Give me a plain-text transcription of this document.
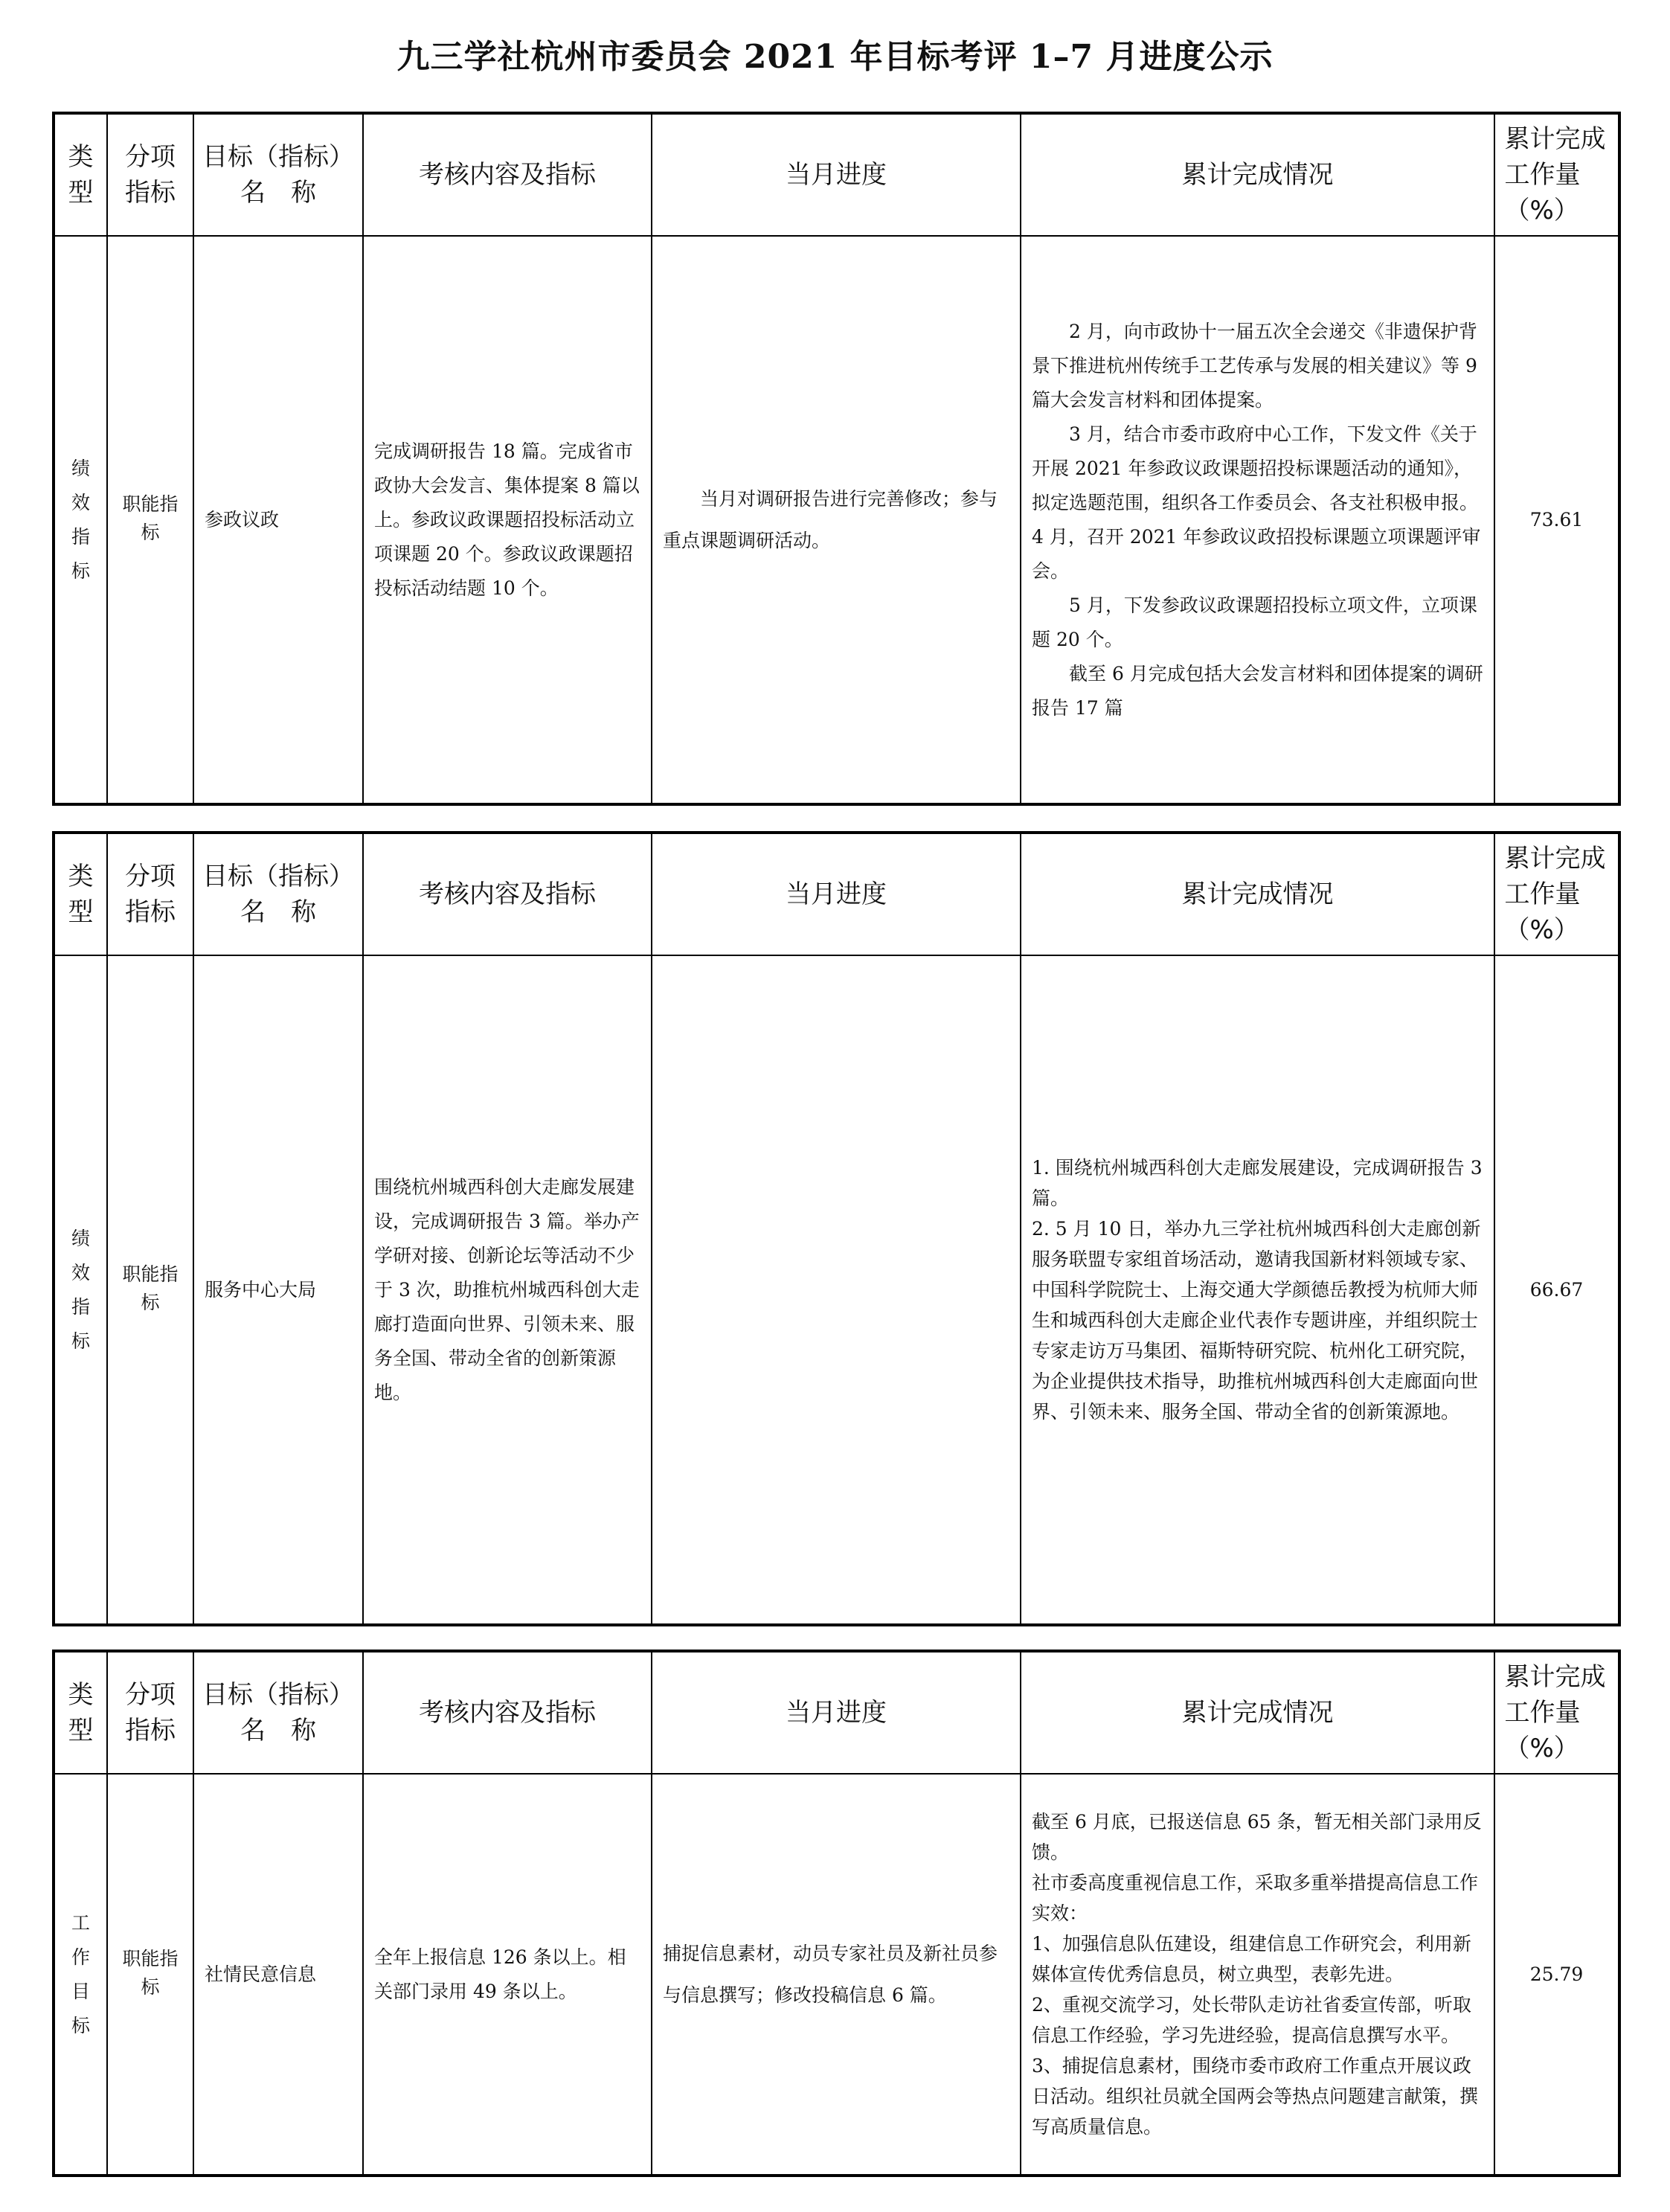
九三学社杭州市委员会 2021 年目标考评 1–7 月进度公示
类型	分项指标	目标（指标）名　称	考核内容及指标	当月进度	累计完成情况	累计完成工作量（%）
绩效指标	职能指标	参政议政	完成调研报告 18 篇。完成省市政协大会发言、集体提案 8 篇以上。参政议政课题招投标活动立项课题 20 个。参政议政课题招投标活动结题 10 个。	当月对调研报告进行完善修改；参与重点课题调研活动。	2 月，向市政协十一届五次全会递交《非遗保护背景下推进杭州传统手工艺传承与发展的相关建议》等 9 篇大会发言材料和团体提案。

3 月，结合市委市政府中心工作，下发文件《关于开展 2021 年参政议政课题招投标课题活动的通知》，拟定选题范围，组织各工作委员会、各支社积极申报。4 月，召开 2021 年参政议政招投标课题立项课题评审会。

5 月，下发参政议政课题招投标立项文件，立项课题 20 个。

截至 6 月完成包括大会发言材料和团体提案的调研报告 17 篇	73.61
类型	分项指标	目标（指标）名　称	考核内容及指标	当月进度	累计完成情况	累计完成工作量（%）
绩效指标	职能指标	服务中心大局	围绕杭州城西科创大走廊发展建设，完成调研报告 3 篇。举办产学研对接、创新论坛等活动不少于 3 次，助推杭州城西科创大走廊打造面向世界、引领未来、服务全国、带动全省的创新策源地。		1. 围绕杭州城西科创大走廊发展建设，完成调研报告 3 篇。

2. 5 月 10 日，举办九三学社杭州城西科创大走廊创新服务联盟专家组首场活动，邀请我国新材料领域专家、中国科学院院士、上海交通大学颜德岳教授为杭师大师生和城西科创大走廊企业代表作专题讲座，并组织院士专家走访万马集团、福斯特研究院、杭州化工研究院，为企业提供技术指导，助推杭州城西科创大走廊面向世界、引领未来、服务全国、带动全省的创新策源地。	66.67
类型	分项指标	目标（指标）名　称	考核内容及指标	当月进度	累计完成情况	累计完成工作量（%）
工作目标	职能指标	社情民意信息	全年上报信息 126 条以上。相关部门录用 49 条以上。	捕捉信息素材，动员专家社员及新社员参与信息撰写；修改投稿信息 6 篇。	截至 6 月底，已报送信息 65 条，暂无相关部门录用反馈。

社市委高度重视信息工作，采取多重举措提高信息工作实效：

1、加强信息队伍建设，组建信息工作研究会，利用新媒体宣传优秀信息员，树立典型，表彰先进。

2、重视交流学习，处长带队走访社省委宣传部，听取信息工作经验，学习先进经验，提高信息撰写水平。

3、捕捉信息素材，围绕市委市政府工作重点开展议政日活动。组织社员就全国两会等热点问题建言献策，撰写高质量信息。	25.79
